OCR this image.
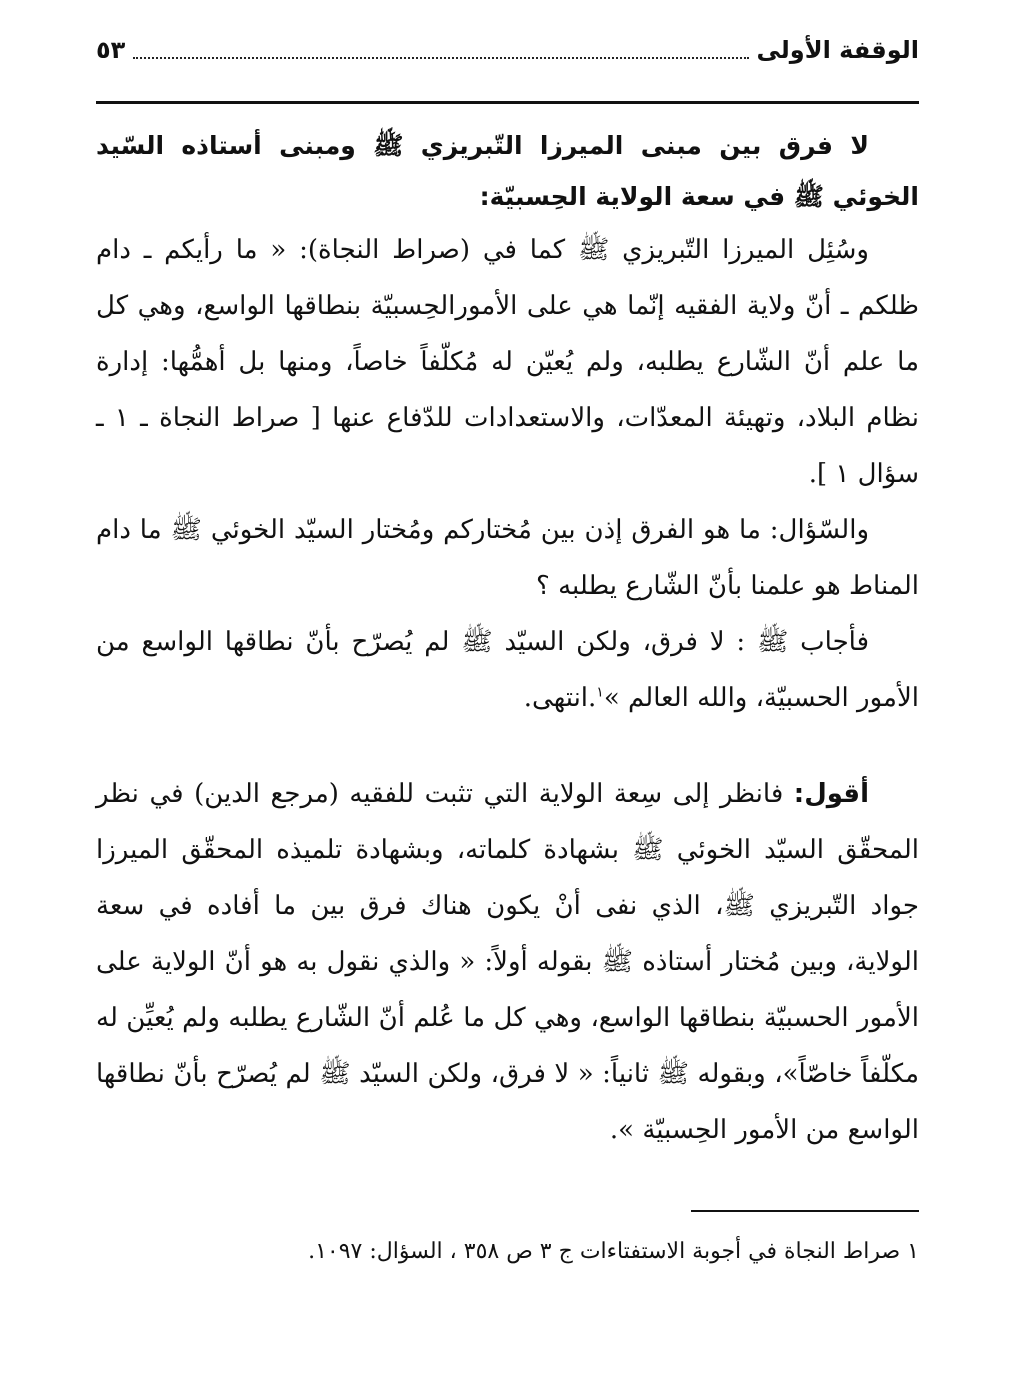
الوقفة الأولى
٥٣

لا فرق بين مبنى الميرزا التّبريزي ﷺ ومبنى أستاذه السّيد الخوئي ﷺ في سعة الولاية الحِسبيّة:

وسُئِل الميرزا التّبريزي ﷺ كما في (صراط النجاة): « ما رأيكم ـ دام ظلكم ـ أنّ ولاية الفقيه إنّما هي على الأمورالحِسبيّة بنطاقها الواسع، وهي كل ما علم أنّ الشّارع يطلبه، ولم يُعيّن له مُكلّفاً خاصاً، ومنها بل أهمُّها: إدارة نظام البلاد، وتهيئة المعدّات، والاستعدادات للدّفاع عنها [ صراط النجاة ـ ١ ـ سؤال ١ ].

والسّؤال: ما هو الفرق إذن بين مُختاركم ومُختار السيّد الخوئي ﷺ ما دام المناط هو علمنا بأنّ الشّارع يطلبه ؟

فأجاب ﷺ : لا فرق، ولكن السيّد ﷺ لم يُصرّح بأنّ نطاقها الواسع من الأمور الحسبيّة، والله العالم »$^١$.انتهى.

أقول: فانظر إلى سِعة الولاية التي تثبت للفقيه (مرجع الدين) في نظر المحقّق السيّد الخوئي ﷺ بشهادة كلماته، وبشهادة تلميذه المحقّق الميرزا جواد التّبريزي ﷺ، الذي نفى أنْ يكون هناك فرق بين ما أفاده في سعة الولاية، وبين مُختار أستاذه ﷺ بقوله أولاً: « والذي نقول به هو أنّ الولاية على الأمور الحسبيّة بنطاقها الواسع، وهي كل ما عُلم أنّ الشّارع يطلبه ولم يُعيِّن له مكلّفاً خاصّاً»، وبقوله ﷺ ثانياً: « لا فرق، ولكن السيّد ﷺ لم يُصرّح بأنّ نطاقها الواسع من الأمور الحِسبيّة ».

١ صراط النجاة في أجوبة الاستفتاءات ج ٣ ص ٣٥٨ ، السؤال: ١٠٩٧.
